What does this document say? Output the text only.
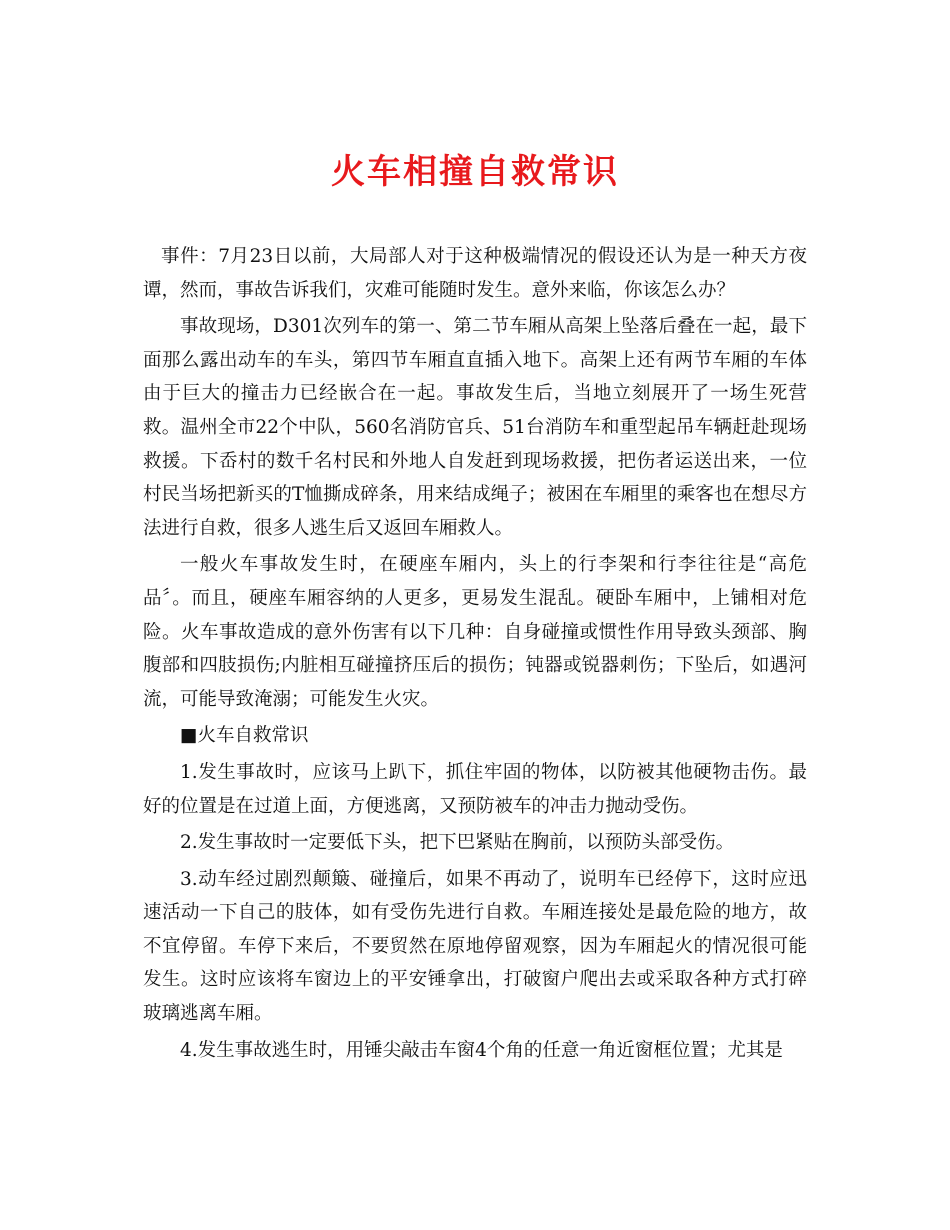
火车相撞自救常识

事件：7月23日以前，大局部人对于这种极端情况的假设还认为是一种天方夜谭，然而，事故告诉我们，灾难可能随时发生。意外来临，你该怎么办？

事故现场，D301次列车的第一、第二节车厢从高架上坠落后叠在一起，最下面那么露出动车的车头，第四节车厢直直插入地下。高架上还有两节车厢的车体由于巨大的撞击力已经嵌合在一起。事故发生后，当地立刻展开了一场生死营救。温州全市22个中队，560名消防官兵、51台消防车和重型起吊车辆赶赴现场救援。下岙村的数千名村民和外地人自发赶到现场救援，把伤者运送出来，一位村民当场把新买的T恤撕成碎条，用来结成绳子；被困在车厢里的乘客也在想尽方法进行自救，很多人逃生后又返回车厢救人。

一般火车事故发生时，在硬座车厢内，头上的行李架和行李往往是“高危品〞。而且，硬座车厢容纳的人更多，更易发生混乱。硬卧车厢中，上铺相对危险。火车事故造成的意外伤害有以下几种：自身碰撞或惯性作用导致头颈部、胸腹部和四肢损伤;内脏相互碰撞挤压后的损伤；钝器或锐器刺伤；下坠后，如遇河流，可能导致淹溺；可能发生火灾。

■火车自救常识

1.发生事故时，应该马上趴下，抓住牢固的物体，以防被其他硬物击伤。最好的位置是在过道上面，方便逃离，又预防被车的冲击力抛动受伤。

2.发生事故时一定要低下头，把下巴紧贴在胸前，以预防头部受伤。

3.动车经过剧烈颠簸、碰撞后，如果不再动了，说明车已经停下，这时应迅速活动一下自己的肢体，如有受伤先进行自救。车厢连接处是最危险的地方，故不宜停留。车停下来后，不要贸然在原地停留观察，因为车厢起火的情况很可能发生。这时应该将车窗边上的平安锤拿出，打破窗户爬出去或采取各种方式打碎玻璃逃离车厢。

4.发生事故逃生时，用锤尖敲击车窗4个角的任意一角近窗框位置；尤其是
